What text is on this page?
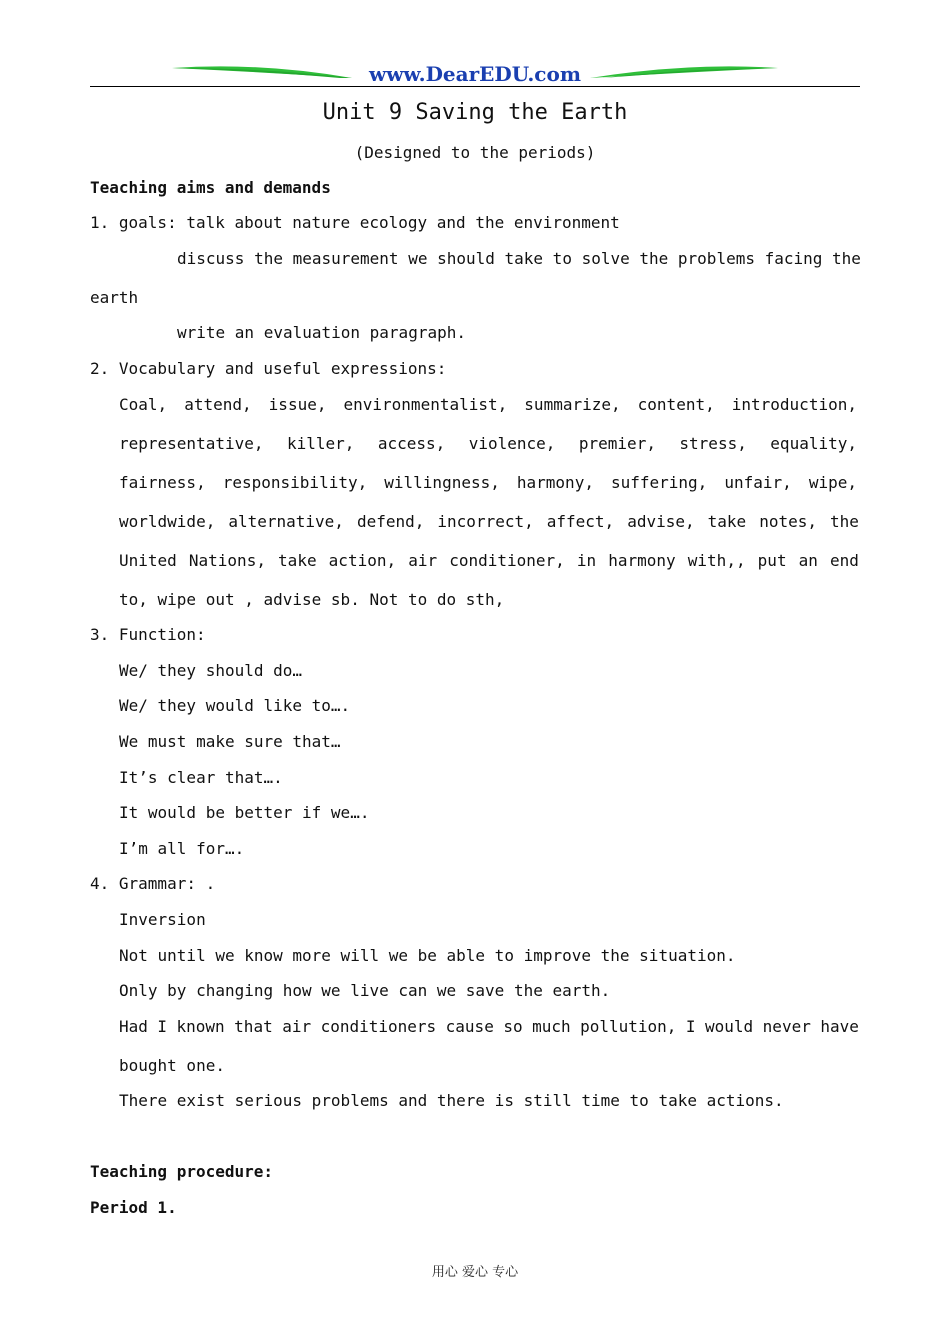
www.DearEDU.com
Unit 9 Saving the Earth
(Designed to the periods)
Teaching aims and demands
1. goals: talk about nature ecology and the environment
discuss the measurement we should take to solve the problems facing the
earth
write an evaluation paragraph.
2. Vocabulary and useful expressions:
Coal, attend, issue, environmentalist, summarize, content, introduction,
representative, killer, access, violence, premier, stress, equality,
fairness, responsibility, willingness, harmony, suffering, unfair, wipe,
worldwide, alternative, defend, incorrect, affect, advise, take notes, the
United Nations, take action, air conditioner, in harmony with,, put an end
to, wipe out , advise sb. Not to do sth,
3. Function:
We/ they should do…
We/ they would like to….
We must make sure that…
It’s clear that….
It would be better if we….
I’m all for….
4. Grammar: .
Inversion
Not until we know more will we be able to improve the situation.
Only by changing how we live can we save the earth.
Had I known that air conditioners cause so much pollution, I would never have
bought one.
There exist serious problems and there is still time to take actions.
Teaching procedure:
Period 1.
用心 爱心 专心
